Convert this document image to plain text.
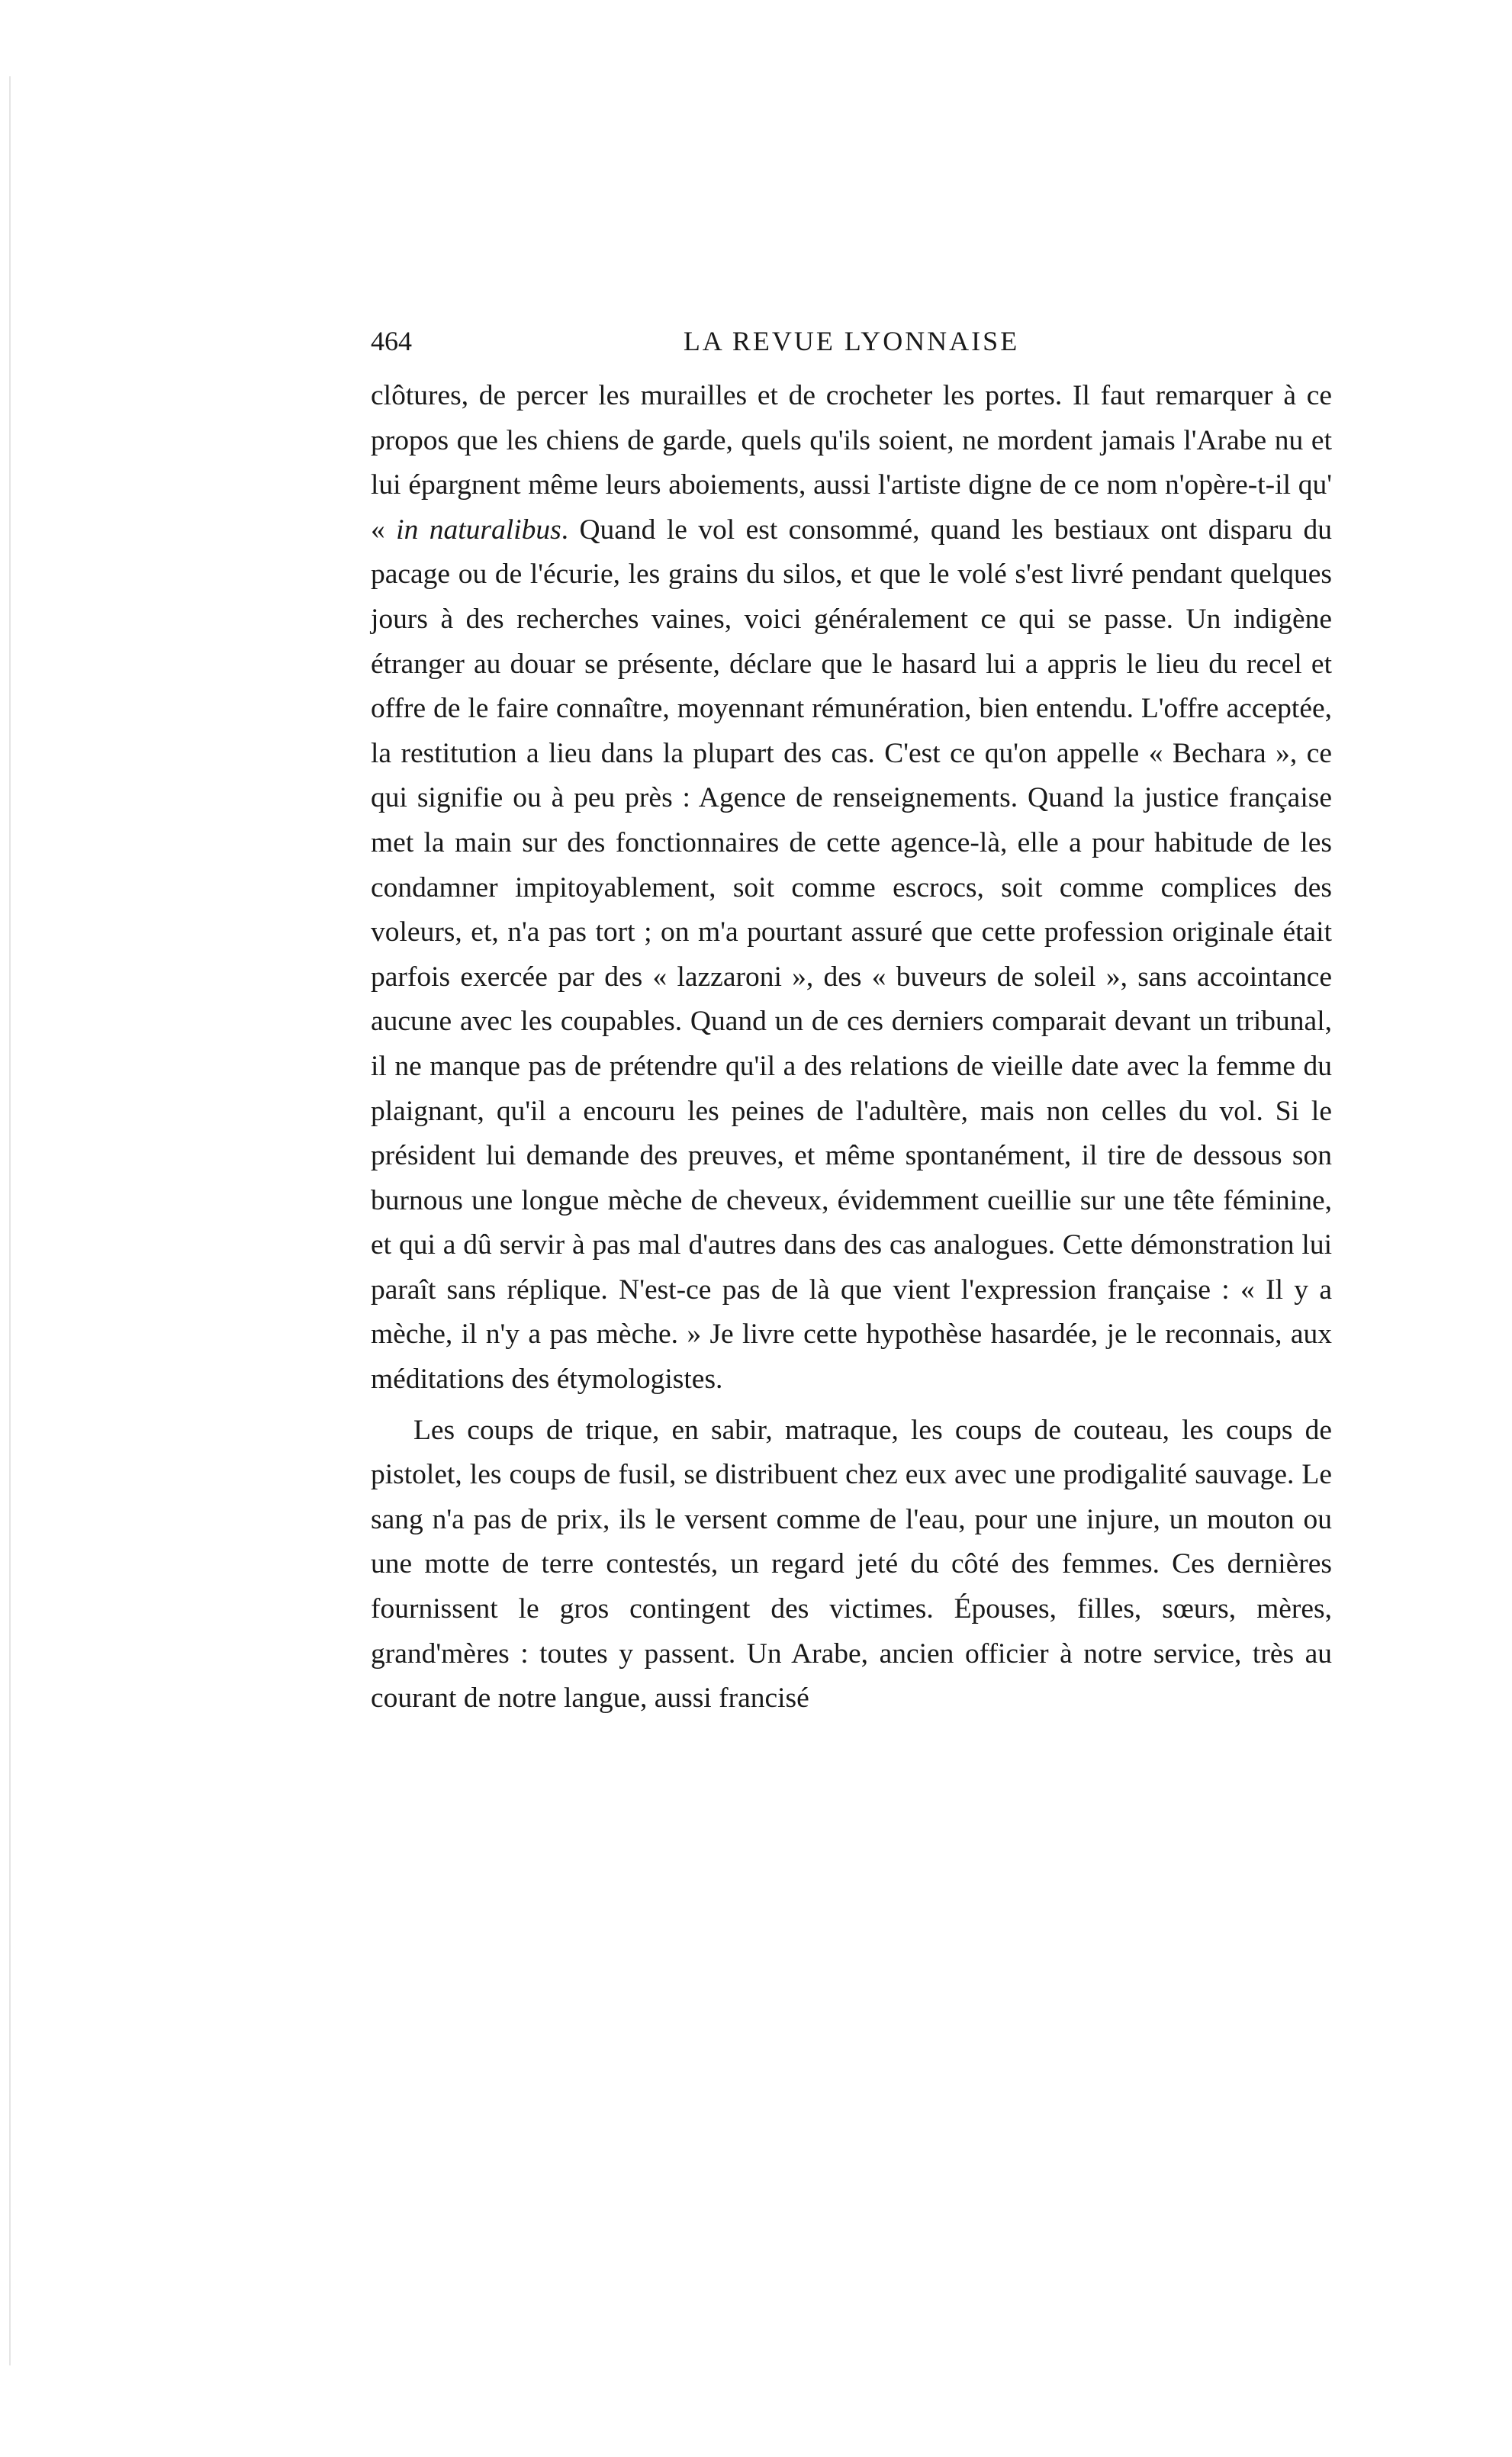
464	LA REVUE LYONNAISE

clôtures, de percer les murailles et de crocheter les portes. Il faut remarquer à ce propos que les chiens de garde, quels qu'ils soient, ne mordent jamais l'Arabe nu et lui épargnent même leurs aboiements, aussi l'artiste digne de ce nom n'opère-t-il qu' « in naturalibus. Quand le vol est consommé, quand les bestiaux ont disparu du pacage ou de l'écurie, les grains du silos, et que le volé s'est livré pendant quelques jours à des recherches vaines, voici généralement ce qui se passe. Un indigène étranger au douar se présente, déclare que le hasard lui a appris le lieu du recel et offre de le faire connaître, moyennant rémunération, bien entendu. L'offre acceptée, la restitution a lieu dans la plupart des cas. C'est ce qu'on appelle « Bechara », ce qui signifie ou à peu près : Agence de renseignements. Quand la justice française met la main sur des fonctionnaires de cette agence-là, elle a pour habitude de les condamner impitoyablement, soit comme escrocs, soit comme complices des voleurs, et, n'a pas tort ; on m'a pourtant assuré que cette profession originale était parfois exercée par des « lazzaroni », des « buveurs de soleil », sans accointance aucune avec les coupables. Quand un de ces derniers comparait devant un tribunal, il ne manque pas de prétendre qu'il a des relations de vieille date avec la femme du plaignant, qu'il a encouru les peines de l'adultère, mais non celles du vol. Si le président lui demande des preuves, et même spontanément, il tire de dessous son burnous une longue mèche de cheveux, évidemment cueillie sur une tête féminine, et qui a dû servir à pas mal d'autres dans des cas analogues. Cette démonstration lui paraît sans réplique. N'est-ce pas de là que vient l'expression française : « Il y a mèche, il n'y a pas mèche. » Je livre cette hypothèse hasardée, je le reconnais, aux méditations des étymologistes.

Les coups de trique, en sabir, matraque, les coups de couteau, les coups de pistolet, les coups de fusil, se distribuent chez eux avec une prodigalité sauvage. Le sang n'a pas de prix, ils le versent comme de l'eau, pour une injure, un mouton ou une motte de terre contestés, un regard jeté du côté des femmes. Ces dernières fournissent le gros contingent des victimes. Épouses, filles, sœurs, mères, grand'mères : toutes y passent. Un Arabe, ancien officier à notre service, très au courant de notre langue, aussi francisé
